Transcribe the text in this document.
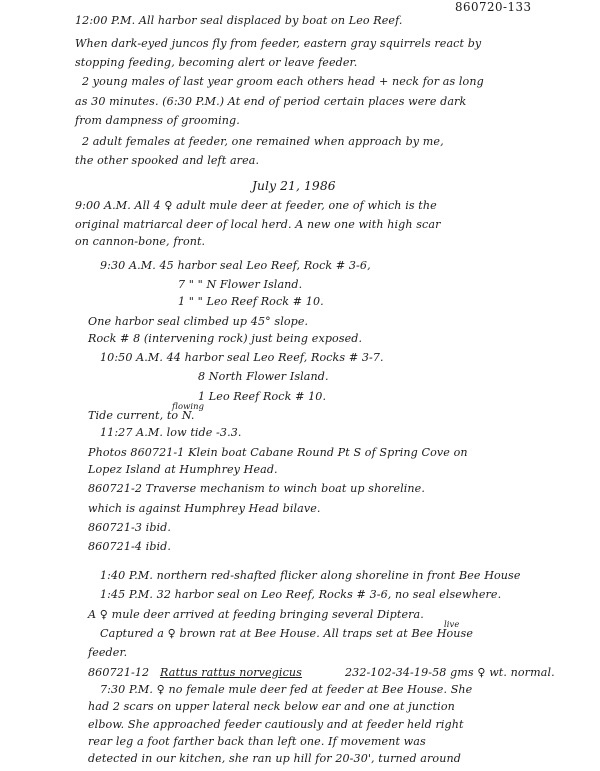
860720-133
12:00 P.M. All harbor seal displaced by boat on Leo Reef.
When dark-eyed juncos fly from feeder, eastern gray squirrels react by
stopping feeding, becoming alert or leave feeder.
2 young males of last year groom each others head + neck for as long
as 30 minutes. (6:30 P.M.) At end of period certain places were dark
from dampness of grooming.
2 adult females at feeder, one remained when approach by me,
the other spooked and left area.
July 21, 1986
9:00 A.M. All 4 ♀ adult mule deer at feeder, one of which is the
original matriarcal deer of local herd. A new one with high scar
on cannon-bone, front.
9:30 A.M. 45 harbor seal Leo Reef, Rock # 3-6,
7 " " N Flower Island.
1 " " Leo Reef Rock # 10.
One harbor seal climbed up 45° slope.
Rock # 8 (intervening rock) just being exposed.
10:50 A.M. 44 harbor seal Leo Reef, Rocks # 3-7.
8 North Flower Island.
1 Leo Reef Rock # 10.
flowing
Tide current, to N.
11:27 A.M. low tide -3.3.
Photos 860721-1 Klein boat Cabane Round Pt S of Spring Cove on
Lopez Island at Humphrey Head.
860721-2 Traverse mechanism to winch boat up shoreline.
which is against Humphrey Head bilave.
860721-3 ibid.
860721-4 ibid.
1:40 P.M. northern red-shafted flicker along shoreline in front Bee House
1:45 P.M. 32 harbor seal on Leo Reef, Rocks # 3-6, no seal elsewhere.
A ♀ mule deer arrived at feeding bringing several Diptera.
live
Captured a ♀ brown rat at Bee House. All traps set at Bee House
feeder.
860721-12 Rattus rattus norvegicus	232-102-34-19-58 gms ♀ wt. normal.
7:30 P.M. ♀ no female mule deer fed at feeder at Bee House. She
had 2 scars on upper lateral neck below ear and one at junction
elbow. She approached feeder cautiously and at feeder held right
rear leg a foot farther back than left one. If movement was
detected in our kitchen, she ran up hill for 20-30', turned around
